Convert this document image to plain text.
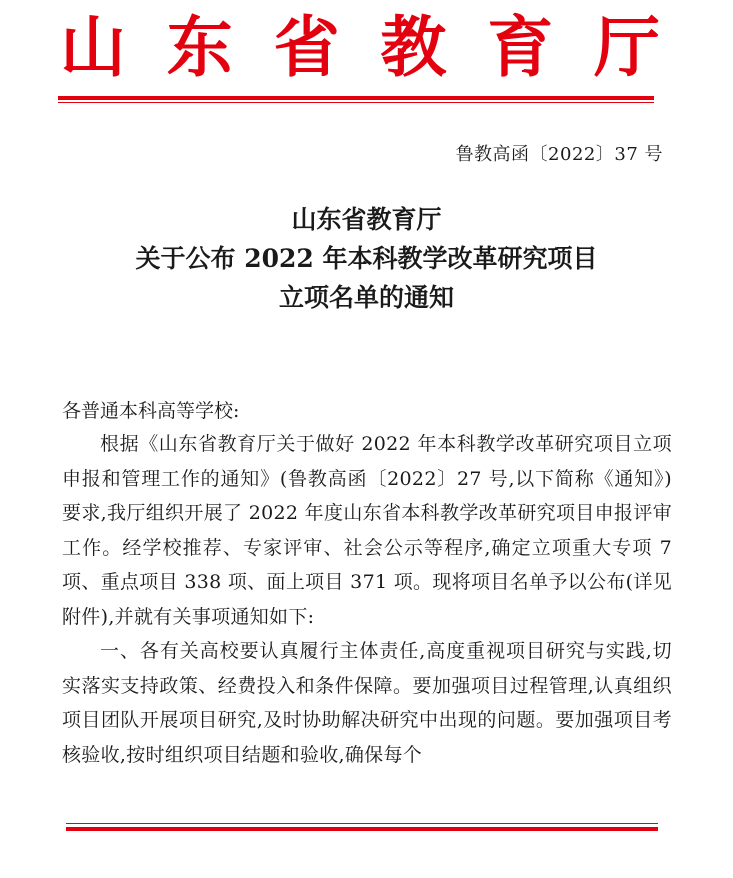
山 东 省 教 育 厅
鲁教高函〔2022〕37 号
山东省教育厅
关于公布 2022 年本科教学改革研究项目
立项名单的通知
各普通本科高等学校:

根据《山东省教育厅关于做好 2022 年本科教学改革研究项目立项申报和管理工作的通知》(鲁教高函〔2022〕27 号,以下简称《通知》)要求,我厅组织开展了 2022 年度山东省本科教学改革研究项目申报评审工作。经学校推荐、专家评审、社会公示等程序,确定立项重大专项 7 项、重点项目 338 项、面上项目 371 项。现将项目名单予以公布(详见附件),并就有关事项通知如下:

一、各有关高校要认真履行主体责任,高度重视项目研究与实践,切实落实支持政策、经费投入和条件保障。要加强项目过程管理,认真组织项目团队开展项目研究,及时协助解决研究中出现的问题。要加强项目考核验收,按时组织项目结题和验收,确保每个
